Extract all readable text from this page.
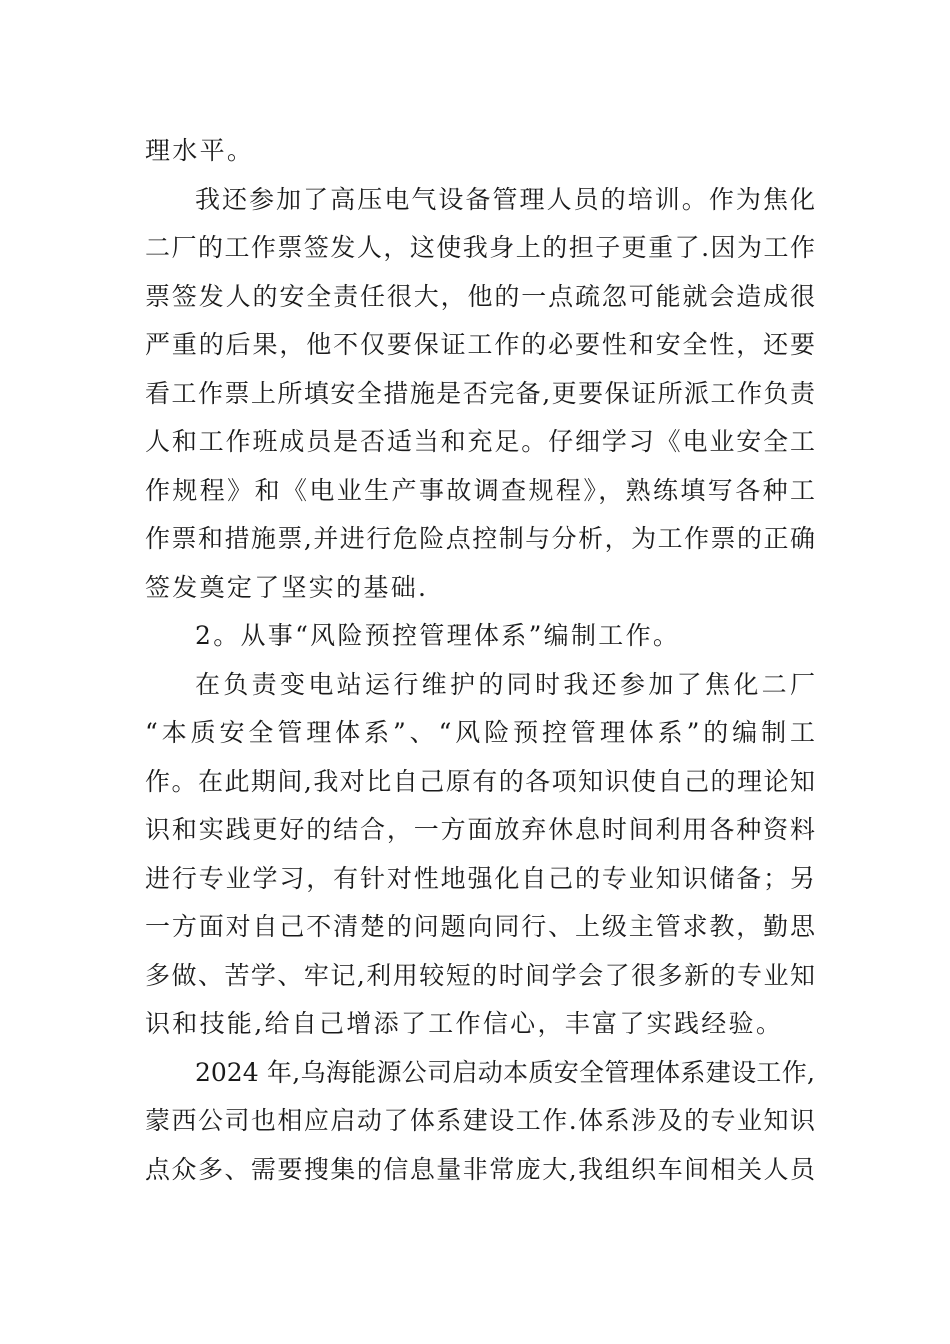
理水平。
我还参加了高压电气设备管理人员的培训。作为焦化
二厂的工作票签发人，这使我身上的担子更重了.因为工作
票签发人的安全责任很大，他的一点疏忽可能就会造成很
严重的后果，他不仅要保证工作的必要性和安全性，还要
看工作票上所填安全措施是否完备,更要保证所派工作负责
人和工作班成员是否适当和充足。仔细学习《电业安全工
作规程》和《电业生产事故调查规程》，熟练填写各种工
作票和措施票,并进行危险点控制与分析，为工作票的正确
签发奠定了坚实的基础.
2。从事“风险预控管理体系”编制工作。
在负责变电站运行维护的同时我还参加了焦化二厂
“本质安全管理体系”、“风险预控管理体系”的编制工
作。在此期间,我对比自己原有的各项知识使自己的理论知
识和实践更好的结合，一方面放弃休息时间利用各种资料
进行专业学习，有针对性地强化自己的专业知识储备；另
一方面对自己不清楚的问题向同行、上级主管求教，勤思
多做、苦学、牢记,利用较短的时间学会了很多新的专业知
识和技能,给自己增添了工作信心，丰富了实践经验。
2024 年,乌海能源公司启动本质安全管理体系建设工作,
蒙西公司也相应启动了体系建设工作.体系涉及的专业知识
点众多、需要搜集的信息量非常庞大,我组织车间相关人员
